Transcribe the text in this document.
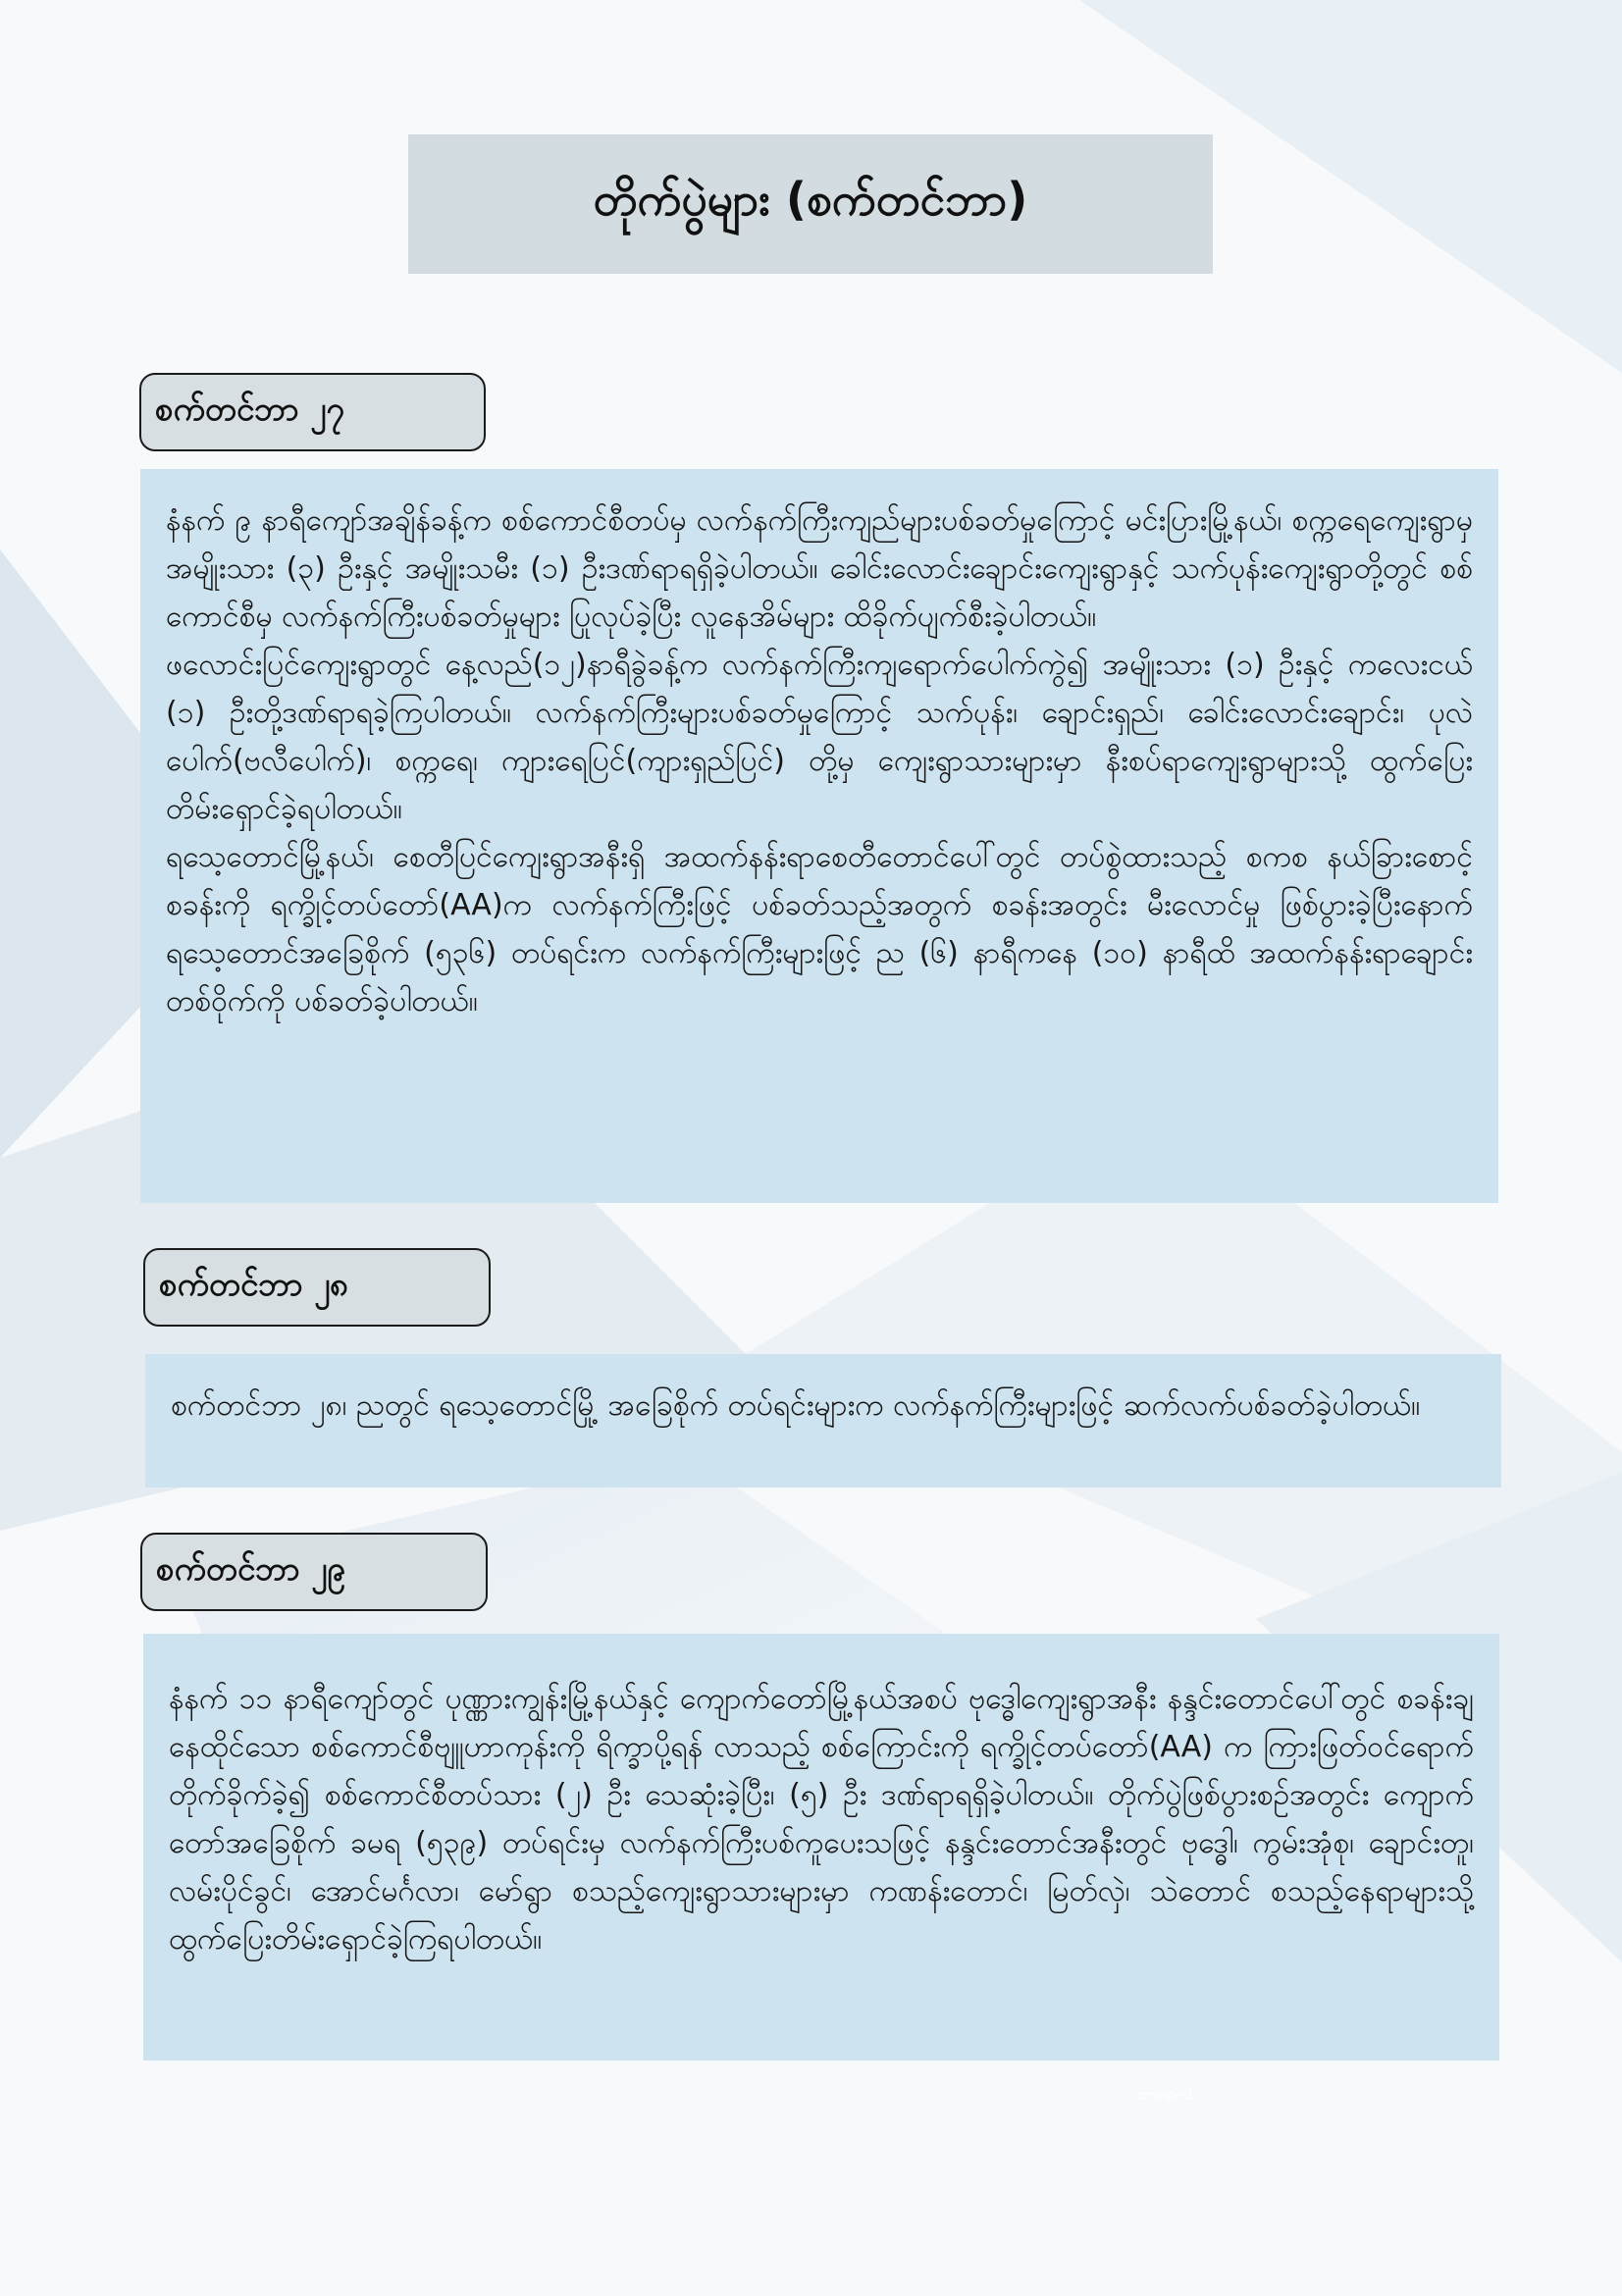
တိုက်ပွဲများ (စက်တင်ဘာ)
စက်တင်ဘာ ၂၇

နံနက် ၉ နာရီကျော်အချိန်ခန့်က စစ်ကောင်စီတပ်မှ လက်နက်ကြီးကျည်များပစ်ခတ်မှုကြောင့် မင်းပြားမြို့နယ်၊ စက္ကရေကျေးရွာမှ အမျိုးသား (၃) ဦးနှင့် အမျိုးသမီး (၁) ဦးဒဏ်ရာရရှိခဲ့ပါတယ်။ ခေါင်းလောင်းချောင်းကျေးရွာနှင့် သက်ပုန်းကျေးရွာတို့တွင် စစ်ကောင်စီမှ လက်နက်ကြီးပစ်ခတ်မှုများ ပြုလုပ်ခဲ့ပြီး လူနေအိမ်များ ထိခိုက်ပျက်စီးခဲ့ပါတယ်။

ဖလောင်းပြင်ကျေးရွာတွင် နေ့လည်(၁၂)နာရီခွဲခန့်က လက်နက်ကြီးကျရောက်ပေါက်ကွဲ၍ အမျိုးသား (၁) ဦးနှင့် ကလေးငယ် (၁) ဦးတို့ဒဏ်ရာရခဲ့ကြပါတယ်။ လက်နက်ကြီးများပစ်ခတ်မှုကြောင့် သက်ပုန်း၊ ချောင်းရှည်၊ ခေါင်းလောင်းချောင်း၊ ပုလဲပေါက်(ဗလီပေါက်)၊ စက္ကရေ၊ ကျားရေပြင်(ကျားရှည်ပြင်) တို့မှ ကျေးရွာသားများမှာ နီးစပ်ရာကျေးရွာများသို့ ထွက်ပြေးတိမ်းရှောင်ခဲ့ရပါတယ်။

ရသေ့တောင်မြို့နယ်၊ စေတီပြင်ကျေးရွာအနီးရှိ အထက်နန်းရာစေတီတောင်ပေါ်တွင် တပ်စွဲထားသည့် စကစ နယ်ခြားစောင့်စခန်းကို ရက္ခိုင့်တပ်တော်(AA)က လက်နက်ကြီးဖြင့် ပစ်ခတ်သည့်အတွက် စခန်းအတွင်း မီးလောင်မှု ဖြစ်ပွားခဲ့ပြီးနောက် ရသေ့တောင်အခြေစိုက် (၅၃၆) တပ်ရင်းက လက်နက်ကြီးများဖြင့် ည (၆) နာရီကနေ (၁၀) နာရီထိ အထက်နန်းရာချောင်းတစ်ဝိုက်ကို ပစ်ခတ်ခဲ့ပါတယ်။

စက်တင်ဘာ ၂၈

စက်တင်ဘာ ၂၈၊ ညတွင် ရသေ့တောင်မြို့ အခြေစိုက် တပ်ရင်းများက လက်နက်ကြီးများဖြင့် ဆက်လက်ပစ်ခတ်ခဲ့ပါတယ်။

စက်တင်ဘာ ၂၉

နံနက် ၁၁ နာရီကျော်တွင် ပုဏ္ဏားကျွန်းမြို့နယ်နှင့် ကျောက်တော်မြို့နယ်အစပ် ဗုဒ္ဓေါကျေးရွာအနီး နန္ဒင်းတောင်ပေါ်တွင် စခန်းချနေထိုင်သော စစ်ကောင်စီဗျူဟာကုန်းကို ရိက္ခာပို့ရန် လာသည့် စစ်ကြောင်းကို ရက္ခိုင့်တပ်တော်(AA) က ကြားဖြတ်ဝင်ရောက် တိုက်ခိုက်ခဲ့၍ စစ်ကောင်စီတပ်သား (၂) ဦး သေဆုံးခဲ့ပြီး၊ (၅) ဦး ဒဏ်ရာရရှိခဲ့ပါတယ်။ တိုက်ပွဲဖြစ်ပွားစဥ်အတွင်း ကျောက်တော်အခြေစိုက် ခမရ (၅၃၉) တပ်ရင်းမှ လက်နက်ကြီးပစ်ကူပေးသဖြင့် နန္ဒင်းတောင်အနီးတွင် ဗုဒ္ဓေါ၊ ကွမ်းအုံစု၊ ချောင်းတူ၊ လမ်းပိုင်ခွင်၊ အောင်မင်္ဂလာ၊ မော်ရွာ စသည့်ကျေးရွာသားများမှာ ကဏန်းတောင်၊ မြတ်လှဲ၊ သဲတောင် စသည့်နေရာများသို့ ထွက်ပြေးတိမ်းရှောင်ခဲ့ကြရပါတယ်။

cropped
